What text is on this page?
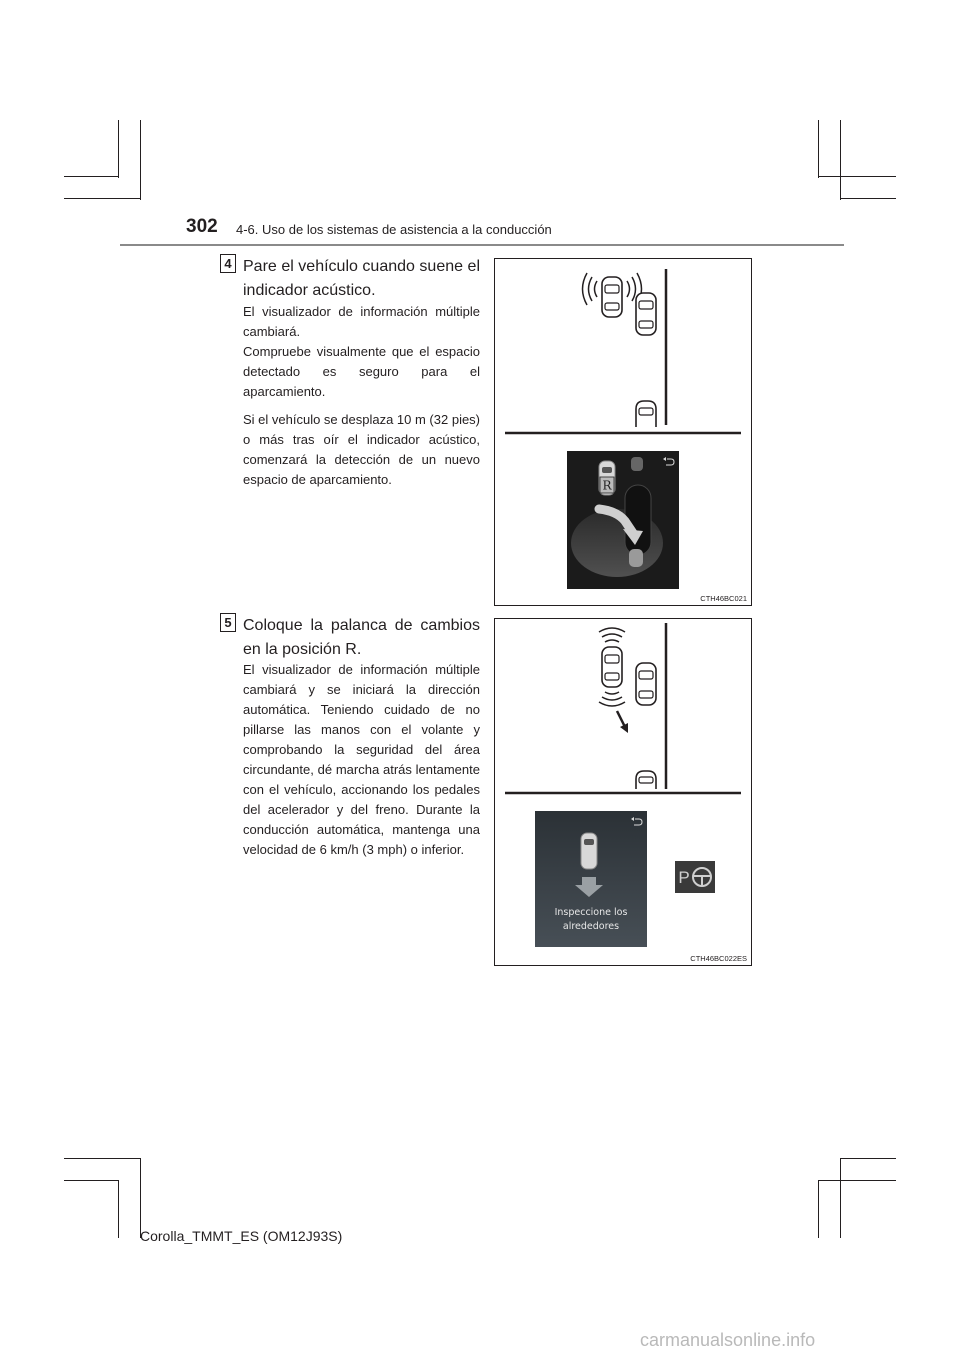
302 4-6. Uso de los sistemas de asistencia a la conducción
4 Pare el vehículo cuando suene el indicador acústico.
El visualizador de información múltiple cambiará.
Compruebe visualmente que el espacio detectado es seguro para el aparcamiento.
Si el vehículo se desplaza 10 m (32 pies) o más tras oír el indicador acústico, comenzará la detección de un nuevo espacio de aparcamiento.	R
CTH46BC021
5 Coloque la palanca de cambios en la posición R.
El visualizador de información múltiple cambiará y se iniciará la dirección automática. Teniendo cuidado de no pillarse las manos con el volante y comprobando la seguridad del área circundante, dé marcha atrás lentamente con el vehículo, accionando los pedales del acelerador y del freno. Durante la conducción automática, mantenga una velocidad de 6 km/h (3 mph) o inferior.
Inspeccione los
alrededores
P
CTH46BC022ES
Corolla_TMMT_ES (OM12J93S)
carmanualsonline.info
